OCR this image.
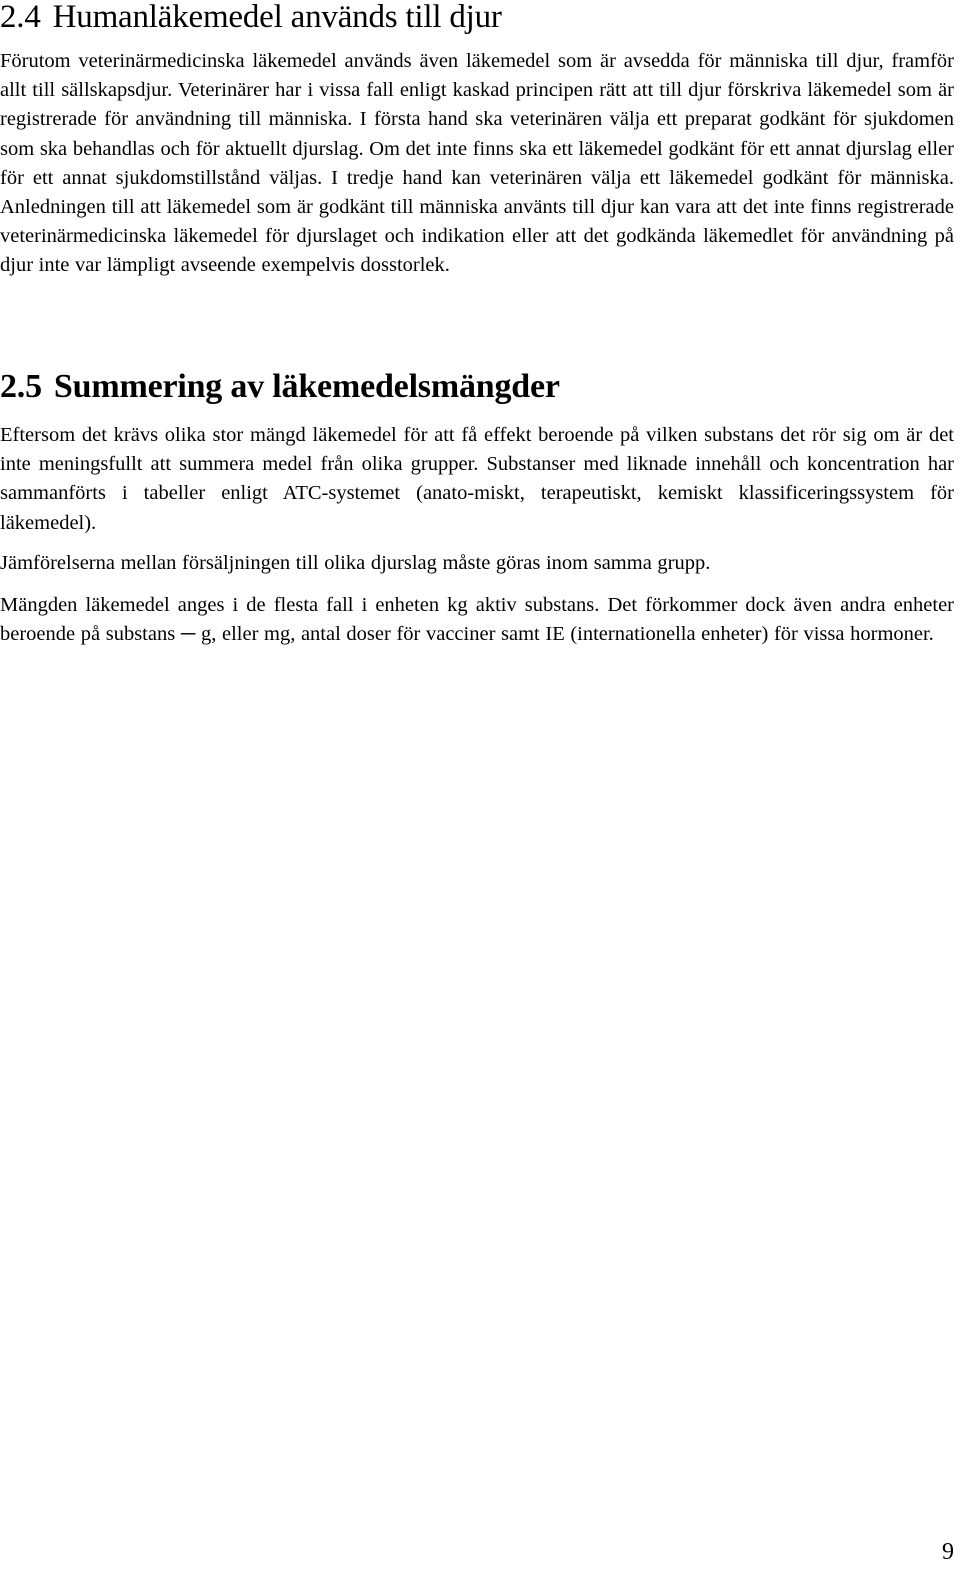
2.4 Humanläkemedel används till djur

Förutom veterinärmedicinska läkemedel används även läkemedel som är avsedda för människa till djur, framför allt till sällskapsdjur. Veterinärer har i vissa fall enligt kaskad principen rätt att till djur förskriva läkemedel som är registrerade för användning till människa. I första hand ska veterinären välja ett preparat godkänt för sjukdomen som ska behandlas och för aktuellt djurslag. Om det inte finns ska ett läkemedel godkänt för ett annat djurslag eller för ett annat sjukdomstillstånd väljas. I tredje hand kan veterinären välja ett läkemedel godkänt för människa. Anledningen till att läkemedel som är godkänt till människa använts till djur kan vara att det inte finns registrerade veterinärmedicinska läkemedel för djurslaget och indikation eller att det godkända läkemedlet för användning på djur inte var lämpligt avseende exempelvis dosstorlek.

2.5 Summering av läkemedelsmängder

Eftersom det krävs olika stor mängd läkemedel för att få effekt beroende på vilken substans det rör sig om är det inte meningsfullt att summera medel från olika grupper. Substanser med liknade innehåll och koncentration har sammanförts i tabeller enligt ATC-systemet (anato-miskt, terapeutiskt, kemiskt klassificeringssystem för läkemedel).

Jämförelserna mellan försäljningen till olika djurslag måste göras inom samma grupp.

Mängden läkemedel anges i de flesta fall i enheten kg aktiv substans. Det förkommer dock även andra enheter beroende på substans ─ g, eller mg, antal doser för vacciner samt IE (internationella enheter) för vissa hormoner.

9
